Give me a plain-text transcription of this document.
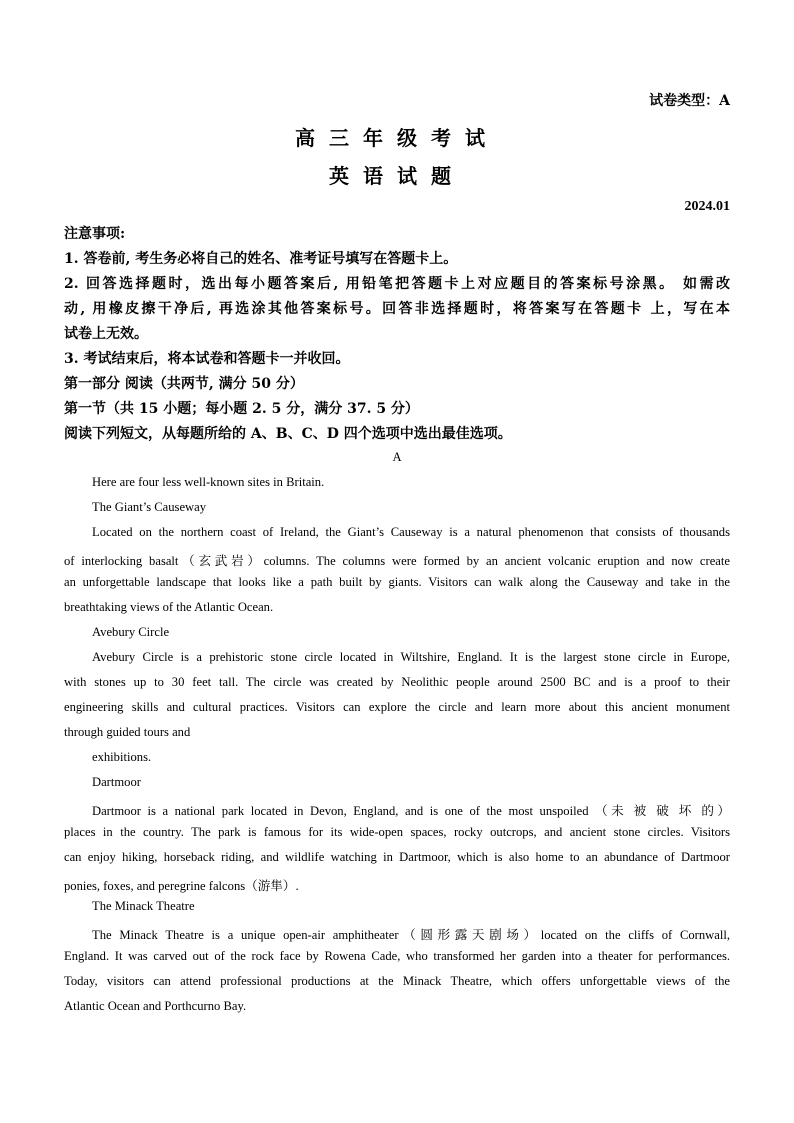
试卷类型：A
高三年级考试
英语试题
2024.01
注意事项:
1. 答卷前, 考生务必将自己的姓名、准考证号填写在答题卡上。
2. 回答选择题时，选出每小题答案后, 用铅笔把答题卡上对应题目的答案标号涂黑。 如需改
动, 用橡皮擦干净后, 再选涂其他答案标号。回答非选择题时，将答案写在答题卡 上，写在本
试卷上无效。
3. 考试结束后，将本试卷和答题卡一并收回。
第一部分 阅读（共两节, 满分 50 分）
第一节（共 15 小题；每小题 2. 5 分，满分 37. 5 分）
阅读下列短文，从每题所给的 A、B、C、D 四个选项中选出最佳选项。
A
Here are four less well-known sites in Britain.
The Giant’s Causeway
Located on the northern coast of Ireland, the Giant’s Causeway is a natural phenomenon that consists of thousands
of interlocking basalt（玄武岩）columns. The columns were formed by an ancient volcanic eruption and now create
an unforgettable landscape that looks like a path built by giants. Visitors can walk along the Causeway and take in the
breathtaking views of the Atlantic Ocean.
Avebury Circle
Avebury Circle is a prehistoric stone circle located in Wiltshire, England. It is the largest stone circle in Europe,
with stones up to 30 feet tall. The circle was created by Neolithic people around 2500 BC and is a proof to their
engineering skills and cultural practices. Visitors can explore the circle and learn more about this ancient monument
through guided tours and
exhibitions.
Dartmoor
Dartmoor is a national park located in Devon, England, and is one of the most unspoiled （未 被 破 坏 的）
places in the country. The park is famous for its wide-open spaces, rocky outcrops, and ancient stone circles. Visitors
can enjoy hiking, horseback riding, and wildlife watching in Dartmoor, which is also home to an abundance of Dartmoor
ponies, foxes, and peregrine falcons（游隼）.
The Minack Theatre
The Minack Theatre is a unique open-air amphitheater（圆形露天剧场）located on the cliffs of Cornwall,
England. It was carved out of the rock face by Rowena Cade, who transformed her garden into a theater for performances.
Today, visitors can attend professional productions at the Minack Theatre, which offers unforgettable views of the
Atlantic Ocean and Porthcurno Bay.
